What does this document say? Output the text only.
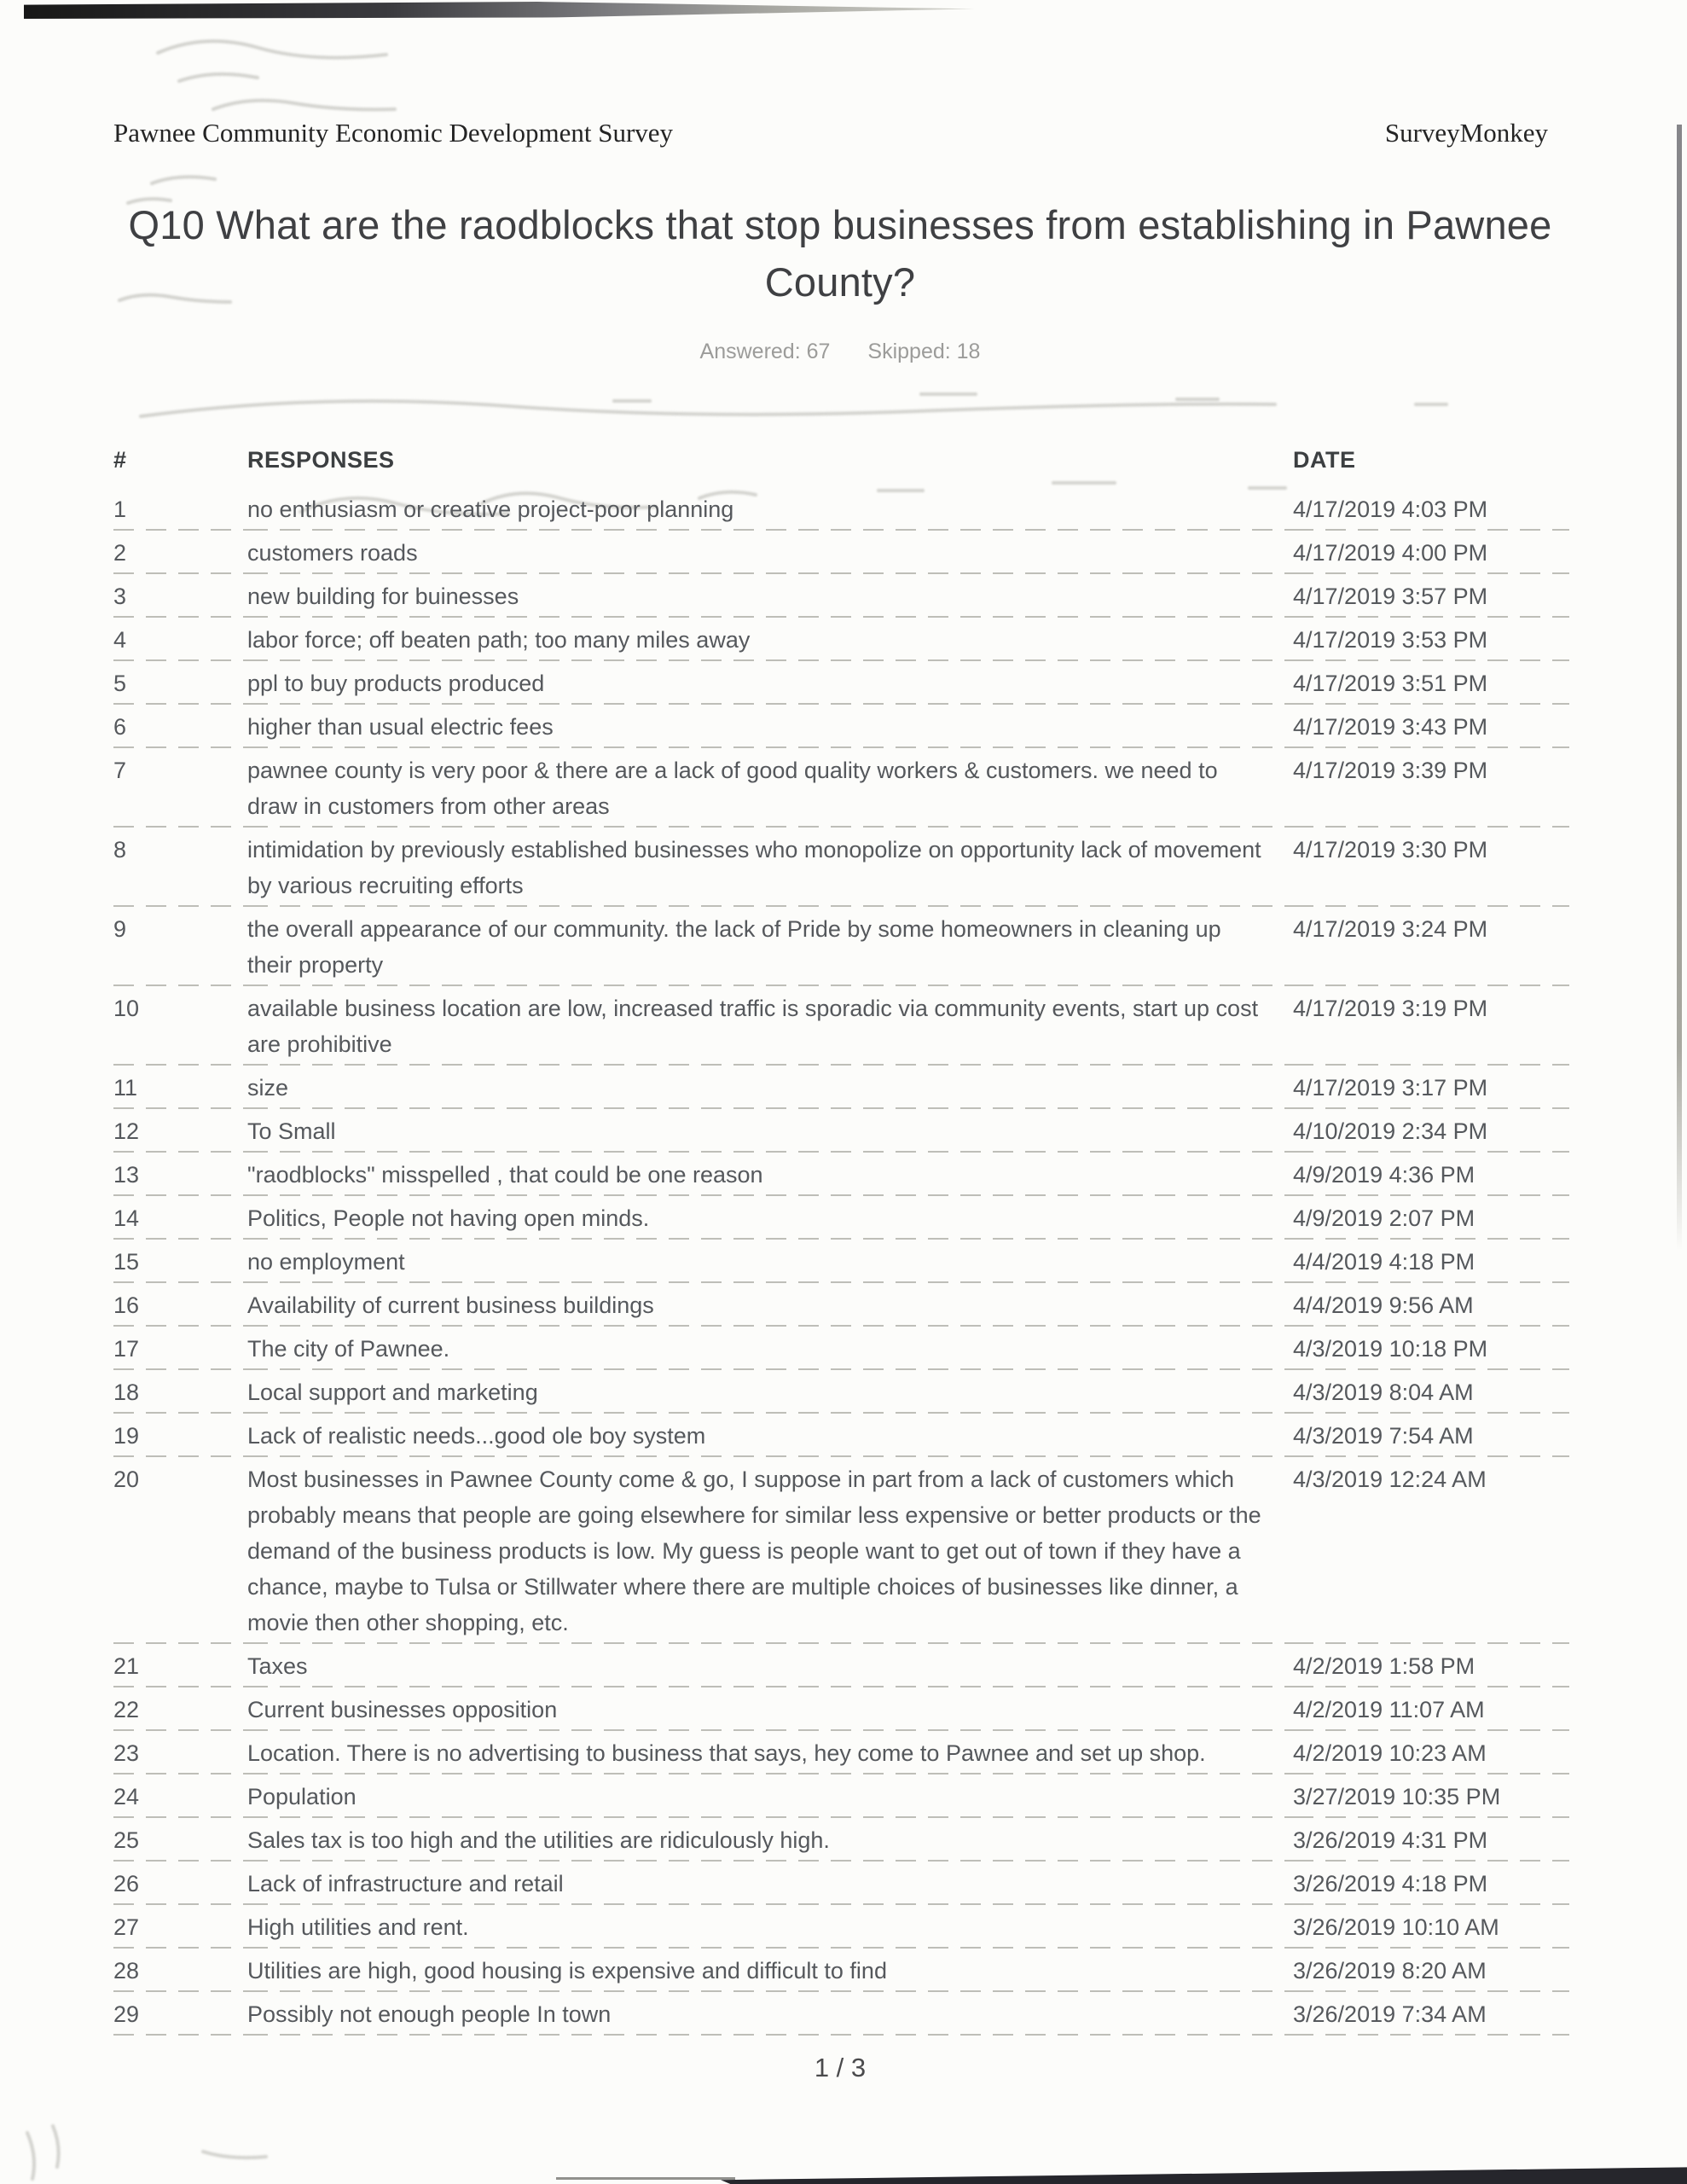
Pawnee Community Economic Development Survey	SurveyMonkey
Q10 What are the raodblocks that stop businesses from establishing in Pawnee County?
Answered: 67 Skipped: 18
#	RESPONSES	DATE
1	no enthusiasm or creative project-poor planning	4/17/2019 4:03 PM
2	customers roads	4/17/2019 4:00 PM
3	new building for buinesses	4/17/2019 3:57 PM
4	labor force; off beaten path; too many miles away	4/17/2019 3:53 PM
5	ppl to buy products produced	4/17/2019 3:51 PM
6	higher than usual electric fees	4/17/2019 3:43 PM
7	pawnee county is very poor & there are a lack of good quality workers & customers. we need to draw in customers from other areas	4/17/2019 3:39 PM
8	intimidation by previously established businesses who monopolize on opportunity lack of movement by various recruiting efforts	4/17/2019 3:30 PM
9	the overall appearance of our community. the lack of Pride by some homeowners in cleaning up their property	4/17/2019 3:24 PM
10	available business location are low, increased traffic is sporadic via community events, start up cost are prohibitive	4/17/2019 3:19 PM
11	size	4/17/2019 3:17 PM
12	To Small	4/10/2019 2:34 PM
13	"raodblocks" misspelled , that could be one reason	4/9/2019 4:36 PM
14	Politics, People not having open minds.	4/9/2019 2:07 PM
15	no employment	4/4/2019 4:18 PM
16	Availability of current business buildings	4/4/2019 9:56 AM
17	The city of Pawnee.	4/3/2019 10:18 PM
18	Local support and marketing	4/3/2019 8:04 AM
19	Lack of realistic needs...good ole boy system	4/3/2019 7:54 AM
20	Most businesses in Pawnee County come & go, I suppose in part from a lack of customers which probably means that people are going elsewhere for similar less expensive or better products or the demand of the business products is low. My guess is people want to get out of town if they have a chance, maybe to Tulsa or Stillwater where there are multiple choices of businesses like dinner, a movie then other shopping, etc.	4/3/2019 12:24 AM
21	Taxes	4/2/2019 1:58 PM
22	Current businesses opposition	4/2/2019 11:07 AM
23	Location. There is no advertising to business that says, hey come to Pawnee and set up shop.	4/2/2019 10:23 AM
24	Population	3/27/2019 10:35 PM
25	Sales tax is too high and the utilities are ridiculously high.	3/26/2019 4:31 PM
26	Lack of infrastructure and retail	3/26/2019 4:18 PM
27	High utilities and rent.	3/26/2019 10:10 AM
28	Utilities are high, good housing is expensive and difficult to find	3/26/2019 8:20 AM
29	Possibly not enough people In town	3/26/2019 7:34 AM
1 / 3
